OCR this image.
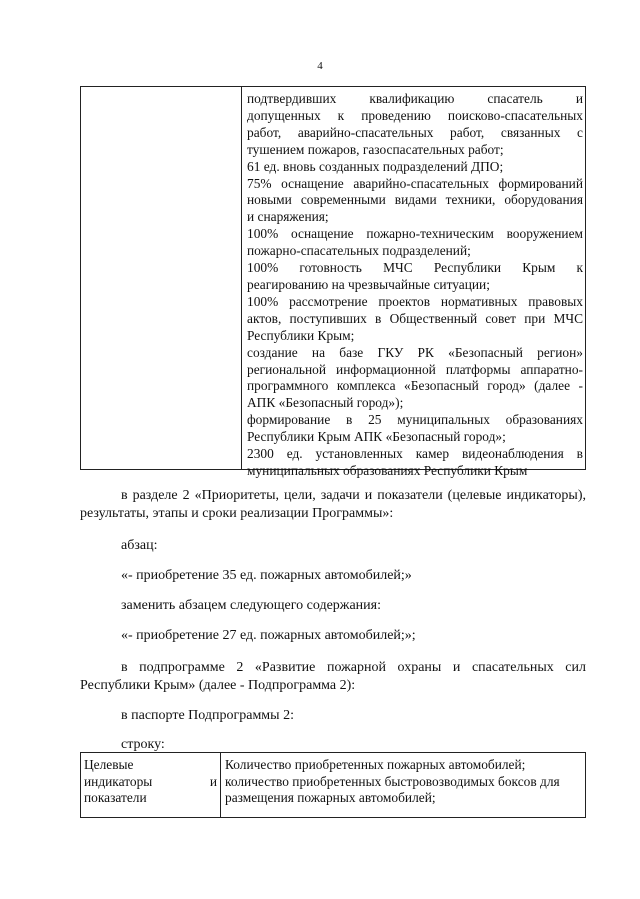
4
подтвердивших квалификацию спасатель и
допущенных к проведению поисково-спасательных
работ, аварийно-спасательных работ, связанных с
тушением пожаров, газоспасательных работ;
61 ед. вновь созданных подразделений ДПО;
75% оснащение аварийно-спасательных формирований
новыми современными видами техники, оборудования
и снаряжения;
100% оснащение пожарно-техническим вооружением
пожарно-спасательных подразделений;
100% готовность МЧС Республики Крым к
реагированию на чрезвычайные ситуации;
100% рассмотрение проектов нормативных правовых
актов, поступивших в Общественный совет при МЧС
Республики Крым;
создание на базе ГКУ РК «Безопасный регион»
региональной информационной платформы аппаратно-
программного комплекса «Безопасный город» (далее -
АПК «Безопасный город»);
формирование в 25 муниципальных образованиях
Республики Крым АПК «Безопасный город»;
2300 ед. установленных камер видеонаблюдения в
муниципальных образованиях Республики Крым
в разделе 2 «Приоритеты, цели, задачи и показатели (целевые индикаторы),
результаты, этапы и сроки реализации Программы»:
абзац:
«- приобретение 35 ед. пожарных автомобилей;»
заменить абзацем следующего содержания:
«- приобретение 27 ед. пожарных автомобилей;»;
в подпрограмме 2 «Развитие пожарной охраны и спасательных сил
Республики Крым» (далее - Подпрограмма 2):
в паспорте Подпрограммы 2:
строку:
Целевые
индикаторы	и
показатели
Количество приобретенных пожарных автомобилей;
количество приобретенных быстровозводимых боксов для
размещения пожарных автомобилей;
